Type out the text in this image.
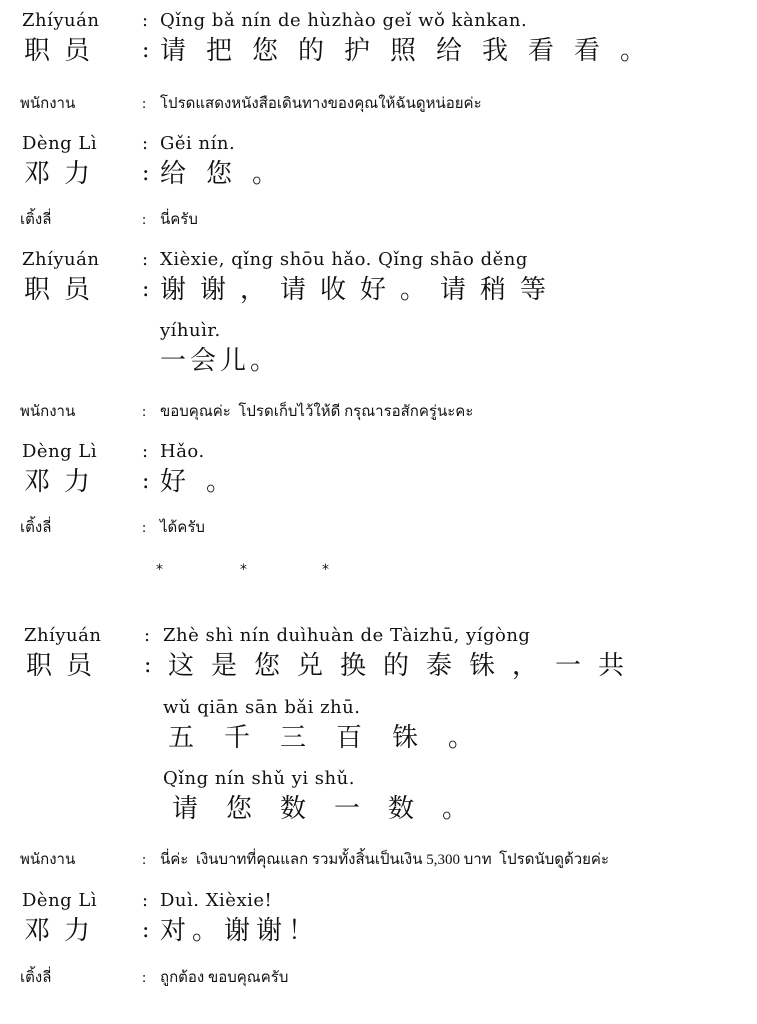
Zhíyuán : Qǐng bǎ nín de hùzhào geǐ wǒ kànkan.
职员 : 请把您的护照给我看看。
พนักงาน	: โปรดแสดงหนังสือเดินทางของคุณให้ฉันดูหน่อยค่ะ
Dèng Lì : Gěi nín.
邓力 : 给您。
เติ้งลี่	: นี่ครับ
Zhíyuán : Xièxie, qǐng shōu hǎo. Qǐng shāo děng
职员 : 谢谢，请收好。请稍等
yíhuìr.
一会儿。
พนักงาน	: ขอบคุณค่ะ  โปรดเก็บไว้ให้ดี กรุณารอสักครู่นะคะ
Dèng Lì : Hǎo.
邓力 : 好。
เติ้งลี่	: ได้ครับ
*	*	*
Zhíyuán : Zhè shì nín duìhuàn de Tàizhū, yígòng
职员 : 这是您兑换的泰铢，一共
wǔ qiān sān bǎi zhū.
五千三百铢。
Qǐng nín shǔ yi shǔ.
请您数一数。
พนักงาน	: นี่ค่ะ  เงินบาทที่คุณแลก รวมทั้งสิ้นเป็นเงิน 5,300 บาท  โปรดนับดูด้วยค่ะ
Dèng Lì : Duì. Xièxie!
邓力 : 对。谢谢！
เติ้งลี่	: ถูกต้อง ขอบคุณครับ
